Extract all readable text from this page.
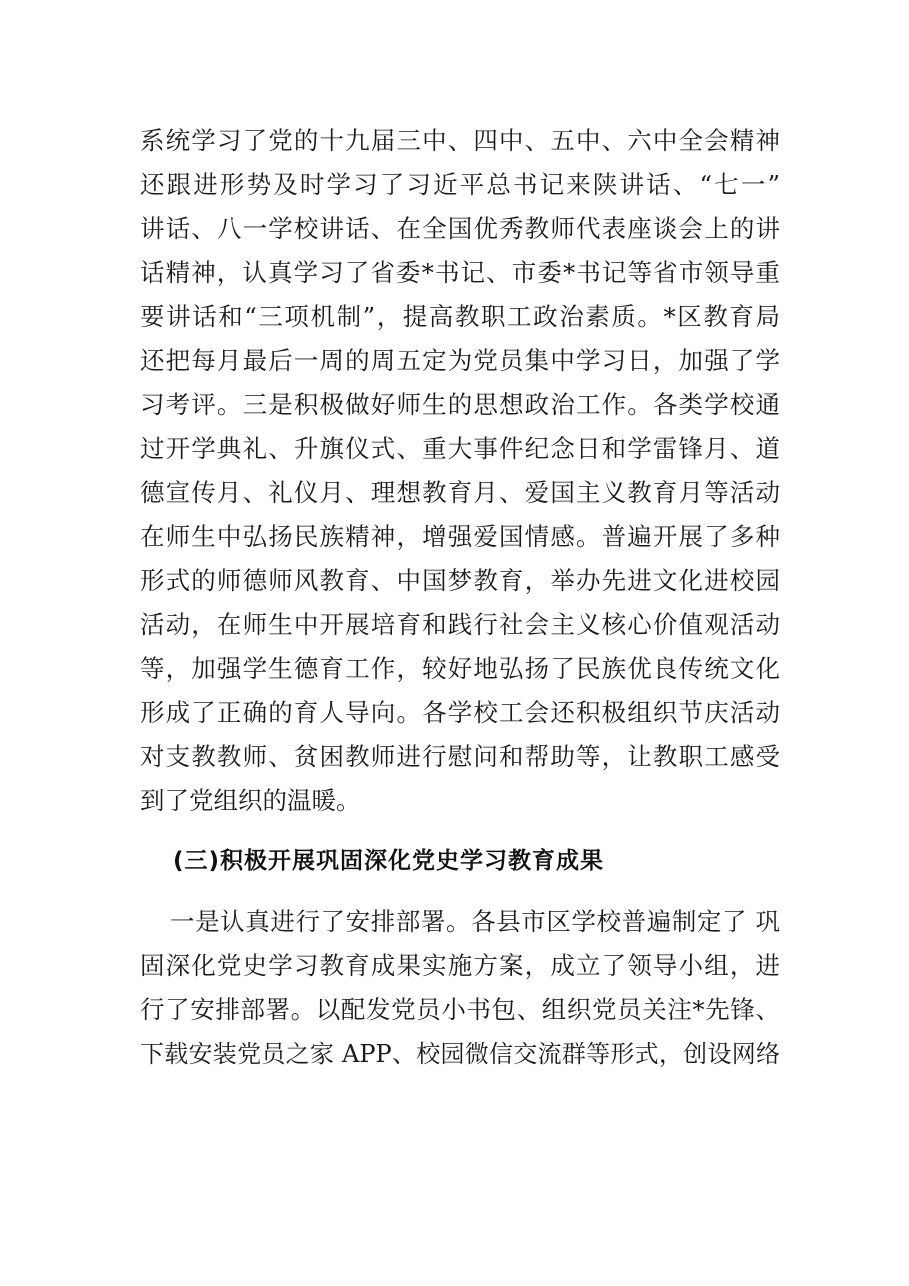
系统学习了党的十九届三中、四中、五中、六中全会精神
还跟进形势及时学习了习近平总书记来陕讲话、“七一”
讲话、八一学校讲话、在全国优秀教师代表座谈会上的讲
话精神，认真学习了省委*书记、市委*书记等省市领导重
要讲话和“三项机制”，提高教职工政治素质。*区教育局
还把每月最后一周的周五定为党员集中学习日，加强了学
习考评。三是积极做好师生的思想政治工作。各类学校通
过开学典礼、升旗仪式、重大事件纪念日和学雷锋月、道
德宣传月、礼仪月、理想教育月、爱国主义教育月等活动
在师生中弘扬民族精神，增强爱国情感。普遍开展了多种
形式的师德师风教育、中国梦教育，举办先进文化进校园
活动，在师生中开展培育和践行社会主义核心价值观活动
等，加强学生德育工作，较好地弘扬了民族优良传统文化
形成了正确的育人导向。各学校工会还积极组织节庆活动
对支教教师、贫困教师进行慰问和帮助等，让教职工感受
到了党组织的温暖。
(三)积极开展巩固深化党史学习教育成果
一是认真进行了安排部署。各县市区学校普遍制定了 巩
固深化党史学习教育成果实施方案，成立了领导小组，进
行了安排部署。以配发党员小书包、组织党员关注*先锋、
下载安装党员之家 APP、校园微信交流群等形式，创设网络
